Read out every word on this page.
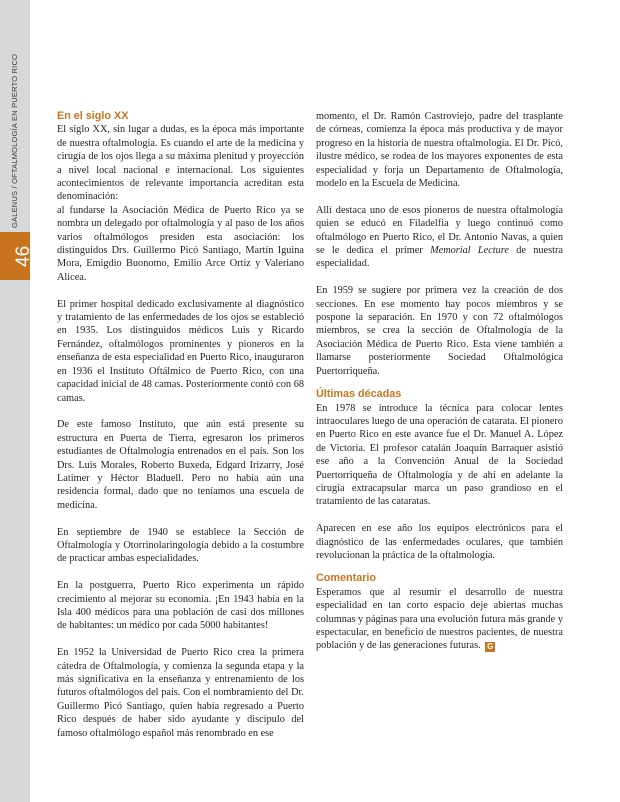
GALENUS / OFTALMOLOGÍA EN PUERTO RICO
46
En el siglo XX

El siglo XX, sin lugar a dudas, es la época más importante de nuestra oftalmología. Es cuando el arte de la medicina y cirugía de los ojos llega a su máxima plenitud y proyección a nivel local nacional e internacional. Los siguientes acontecimientos de relevante importancia acreditan esta denominación:

al fundarse la Asociación Médica de Puerto Rico ya se nombra un delegado por oftalmología y al paso de los años varios oftalmólogos presiden esta asociación: los distinguidos Drs. Guillermo Picó Santiago, Martín Iguina Mora, Emigdio Buonomo, Emilio Arce Ortiz y Valeriano Alicea.

El primer hospital dedicado exclusivamente al diagnóstico y tratamiento de las enfermedades de los ojos se estableció en 1935. Los distinguidos médicos Luis y Ricardo Fernández, oftalmólogos prominentes y pioneros en la enseñanza de esta especialidad en Puerto Rico, inauguraron en 1936 el Instituto Oftálmico de Puerto Rico, con una capacidad inicial de 48 camas. Posteriormente contó con 68 camas.

De este famoso Instituto, que aún está presente su estructura en Puerta de Tierra, egresaron los primeros estudiantes de Oftalmología entrenados en el país. Son los Drs. Luis Morales, Roberto Buxeda, Edgard Irizarry, José Latimer y Héctor Bladuell. Pero no había aún una residencia formal, dado que no teníamos una escuela de medicina.

En septiembre de 1940 se establece la Sección de Oftalmología y Otorrinolaringología debido a la costumbre de practicar ambas especialidades.

En la postguerra, Puerto Rico experimenta un rápido crecimiento al mejorar su economía. ¡En 1943 había en la Isla 400 médicos para una población de casi dos millones de habitantes: un médico por cada 5000 habitantes!

En 1952 la Universidad de Puerto Rico crea la primera cátedra de Oftalmología, y comienza la segunda etapa y la más significativa en la enseñanza y entrenamiento de los futuros oftalmólogos del país. Con el nombramiento del Dr. Guillermo Picó Santiago, quien había regresado a Puerto Rico después de haber sido ayudante y discípulo del famoso oftalmólogo español más renombrado en ese

momento, el Dr. Ramón Castroviejo, padre del trasplante de córneas, comienza la época más productiva y de mayor progreso en la historia de nuestra oftalmología. El Dr. Picó, ilustre médico, se rodea de los mayores exponentes de esta especialidad y forja un Departamento de Oftalmología, modelo en la Escuela de Medicina.

Allí destaca uno de esos pioneros de nuestra oftalmología quien se educó en Filadelfia y luego continuó como oftalmólogo en Puerto Rico, el Dr. Antonio Navas, a quien se le dedica el primer Memorial Lecture de nuestra especialidad.

En 1959 se sugiere por primera vez la creación de dos secciones. En ese momento hay pocos miembros y se pospone la separación. En 1970 y con 72 oftalmólogos miembros, se crea la sección de Oftalmología de la Asociación Médica de Puerto Rico. Esta viene también a llamarse posteriormente Sociedad Oftalmológica Puertorriqueña.

Últimas décadas

En 1978 se introduce la técnica para colocar lentes intraoculares luego de una operación de catarata. El pionero en Puerto Rico en este avance fue el Dr. Manuel A. López de Victoria. El profesor catalán Joaquín Barraquer asistió ese año a la Convención Anual de la Sociedad Puertorriqueña de Oftalmología y de ahí en adelante la cirugía extracapsular marca un paso grandioso en el tratamiento de las cataratas.

Aparecen en ese año los equipos electrónicos para el diagnóstico de las enfermedades oculares, que también revolucionan la práctica de la oftalmología.

Comentario

Esperamos que al resumir el desarrollo de nuestra especialidad en tan corto espacio deje abiertas muchas columnas y páginas para una evolución futura más grande y espectacular, en beneficio de nuestros pacientes, de nuestra población y de las generaciones futuras. G
